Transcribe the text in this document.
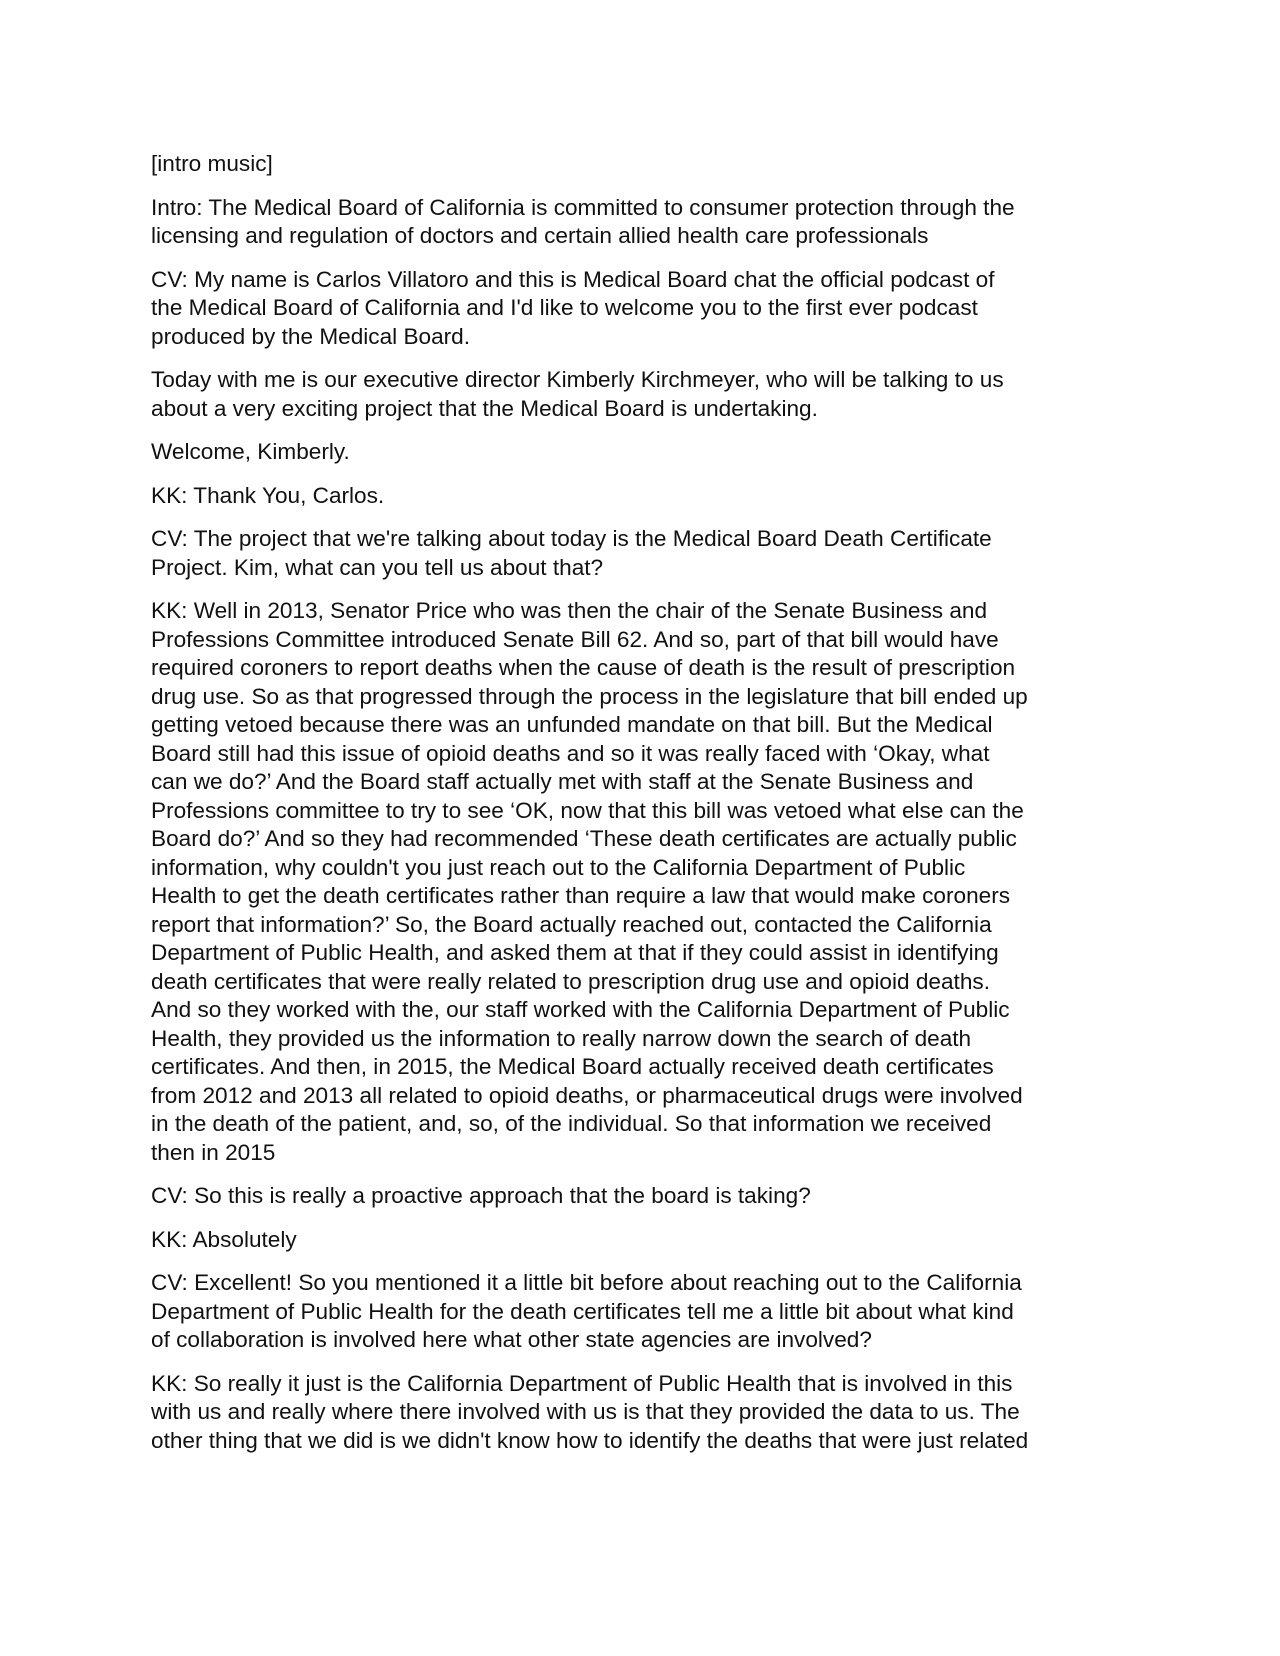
[intro music]

Intro: The Medical Board of California is committed to consumer protection through the
licensing and regulation of doctors and certain allied health care professionals

CV: My name is Carlos Villatoro and this is Medical Board chat the official podcast of
the Medical Board of California and I'd like to welcome you to the first ever podcast
produced by the Medical Board.

Today with me is our executive director Kimberly Kirchmeyer, who will be talking to us
about a very exciting project that the Medical Board is undertaking.

Welcome, Kimberly.

KK: Thank You, Carlos.

CV: The project that we're talking about today is the Medical Board Death Certificate
Project. Kim, what can you tell us about that?

KK: Well in 2013, Senator Price who was then the chair of the Senate Business and
Professions Committee introduced Senate Bill 62. And so, part of that bill would have
required coroners to report deaths when the cause of death is the result of prescription
drug use. So as that progressed through the process in the legislature that bill ended up
getting vetoed because there was an unfunded mandate on that bill. But the Medical
Board still had this issue of opioid deaths and so it was really faced with ‘Okay, what
can we do?’ And the Board staff actually met with staff at the Senate Business and
Professions committee to try to see ‘OK, now that this bill was vetoed what else can the
Board do?’ And so they had recommended ‘These death certificates are actually public
information, why couldn't you just reach out to the California Department of Public
Health to get the death certificates rather than require a law that would make coroners
report that information?’ So, the Board actually reached out, contacted the California
Department of Public Health, and asked them at that if they could assist in identifying
death certificates that were really related to prescription drug use and opioid deaths.
And so they worked with the, our staff worked with the California Department of Public
Health, they provided us the information to really narrow down the search of death
certificates. And then, in 2015, the Medical Board actually received death certificates
from 2012 and 2013 all related to opioid deaths, or pharmaceutical drugs were involved
in the death of the patient, and, so, of the individual. So that information we received
then in 2015

CV: So this is really a proactive approach that the board is taking?

KK: Absolutely

CV: Excellent! So you mentioned it a little bit before about reaching out to the California
Department of Public Health for the death certificates tell me a little bit about what kind
of collaboration is involved here what other state agencies are involved?

KK: So really it just is the California Department of Public Health that is involved in this
with us and really where there involved with us is that they provided the data to us. The
other thing that we did is we didn't know how to identify the deaths that were just related
